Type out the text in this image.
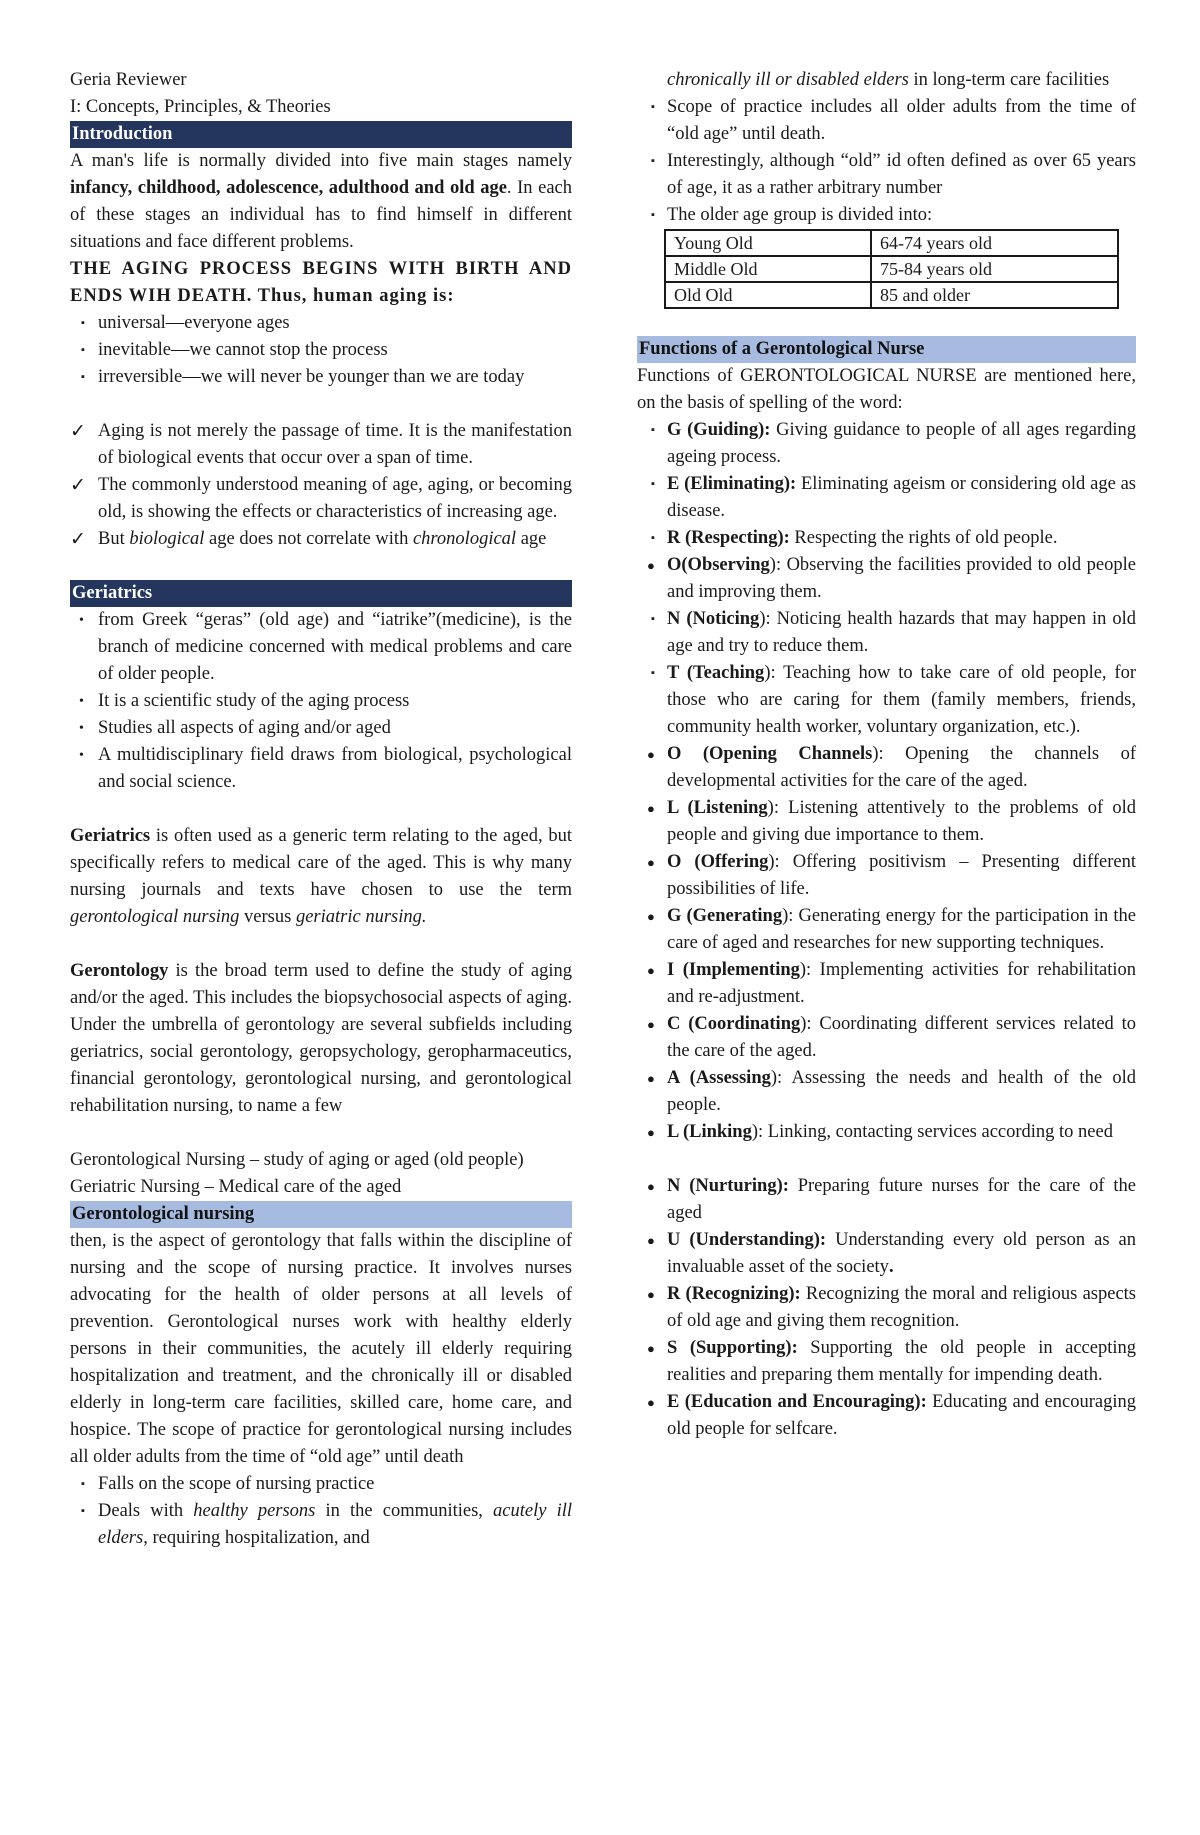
Geria Reviewer

I: Concepts, Principles, & Theories

Introduction

A man's life is normally divided into five main stages namely infancy, childhood, adolescence, adulthood and old age. In each of these stages an individual has to find himself in different situations and face different problems.

THE AGING PROCESS BEGINS WITH BIRTH AND ENDS WIH DEATH. Thus, human aging is:

▪ universal—everyone ages
▪ inevitable—we cannot stop the process
▪ irreversible—we will never be younger than we are today
✓ Aging is not merely the passage of time. It is the manifestation of biological events that occur over a span of time.
✓ The commonly understood meaning of age, aging, or becoming old, is showing the effects or characteristics of increasing age.
✓ But biological age does not correlate with chronological age
Geriatrics
• from Greek “geras” (old age) and “iatrike”(medicine), is the branch of medicine concerned with medical problems and care of older people.
• It is a scientific study of the aging process
• Studies all aspects of aging and/or aged
• A multidisciplinary field draws from biological, psychological and social science.

Geriatrics is often used as a generic term relating to the aged, but specifically refers to medical care of the aged. This is why many nursing journals and texts have chosen to use the term gerontological nursing versus geriatric nursing.

Gerontology is the broad term used to define the study of aging and/or the aged. This includes the biopsychosocial aspects of aging. Under the umbrella of gerontology are several subfields including geriatrics, social gerontology, geropsychology, geropharmaceutics, financial gerontology, gerontological nursing, and gerontological rehabilitation nursing, to name a few

Gerontological Nursing – study of aging or aged (old people)

Geriatric Nursing – Medical care of the aged

Gerontological nursing

then, is the aspect of gerontology that falls within the discipline of nursing and the scope of nursing practice. It involves nurses advocating for the health of older persons at all levels of prevention. Gerontological nurses work with healthy elderly persons in their communities, the acutely ill elderly requiring hospitalization and treatment, and the chronically ill or disabled elderly in long-term care facilities, skilled care, home care, and hospice. The scope of practice for gerontological nursing includes all older adults from the time of “old age” until death

▪ Falls on the scope of nursing practice
▪ Deals with healthy persons in the communities, acutely ill elders, requiring hospitalization, and

chronically ill or disabled elders in long-term care facilities

▪ Scope of practice includes all older adults from the time of “old age” until death.
▪ Interestingly, although “old” id often defined as over 65 years of age, it as a rather arbitrary number
▪ The older age group is divided into:
Young Old	64-74 years old
Middle Old	75-84 years old
Old Old	85 and older
Functions of a Gerontological Nurse

Functions of GERONTOLOGICAL NURSE are mentioned here, on the basis of spelling of the word:

▪ G (Guiding): Giving guidance to people of all ages regarding ageing process.
▪ E (Eliminating): Eliminating ageism or considering old age as disease.
▪ R (Respecting): Respecting the rights of old people.
● O(Observing): Observing the facilities provided to old people and improving them.
▪ N (Noticing): Noticing health hazards that may happen in old age and try to reduce them.
▪ T (Teaching): Teaching how to take care of old people, for those who are caring for them (family members, friends, community health worker, voluntary organization, etc.).
● O (Opening Channels): Opening the channels of developmental activities for the care of the aged.
● L (Listening): Listening attentively to the problems of old people and giving due importance to them.
● O (Offering): Offering positivism – Presenting different possibilities of life.
● G (Generating): Generating energy for the participation in the care of aged and researches for new supporting techniques.
● I (Implementing): Implementing activities for rehabilitation and re-adjustment.
● C (Coordinating): Coordinating different services related to the care of the aged.
● A (Assessing): Assessing the needs and health of the old people.
● L (Linking): Linking, contacting services according to need
● N (Nurturing): Preparing future nurses for the care of the aged
● U (Understanding): Understanding every old person as an invaluable asset of the society.
● R (Recognizing): Recognizing the moral and religious aspects of old age and giving them recognition.
● S (Supporting): Supporting the old people in accepting realities and preparing them mentally for impending death.
● E (Education and Encouraging): Educating and encouraging old people for selfcare.
